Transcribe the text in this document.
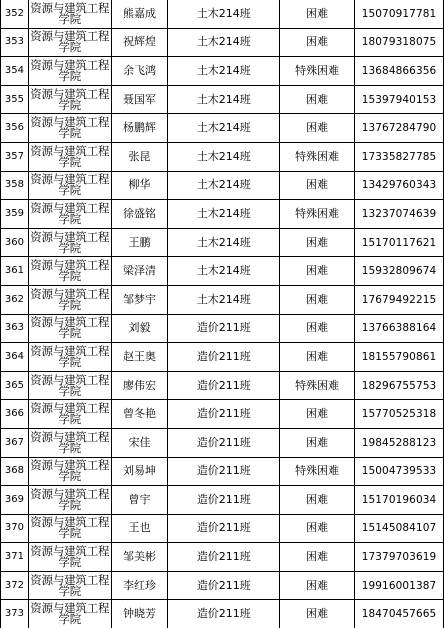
352	资源与建筑工程学院	熊嘉成	土木214班	困难	15070917781
353	资源与建筑工程学院	祝辉煌	土木214班	困难	18079318075
354	资源与建筑工程学院	余飞鸿	土木214班	特殊困难	13684866356
355	资源与建筑工程学院	聂国军	土木214班	困难	15397940153
356	资源与建筑工程学院	杨鹏辉	土木214班	困难	13767284790
357	资源与建筑工程学院	张昆	土木214班	特殊困难	17335827785
358	资源与建筑工程学院	柳华	土木214班	困难	13429760343
359	资源与建筑工程学院	徐盛铭	土木214班	特殊困难	13237074639
360	资源与建筑工程学院	王鹏	土木214班	困难	15170117621
361	资源与建筑工程学院	梁泽清	土木214班	困难	15932809674
362	资源与建筑工程学院	邹梦宇	土木214班	困难	17679492215
363	资源与建筑工程学院	刘毅	造价211班	困难	13766388164
364	资源与建筑工程学院	赵王奥	造价211班	困难	18155790861
365	资源与建筑工程学院	廖伟宏	造价211班	特殊困难	18296755753
366	资源与建筑工程学院	曾冬艳	造价211班	困难	15770525318
367	资源与建筑工程学院	宋佳	造价211班	困难	19845288123
368	资源与建筑工程学院	刘易坤	造价211班	特殊困难	15004739533
369	资源与建筑工程学院	曾宇	造价211班	困难	15170196034
370	资源与建筑工程学院	王也	造价211班	困难	15145084107
371	资源与建筑工程学院	邹美彬	造价211班	困难	17379703619
372	资源与建筑工程学院	李红珍	造价211班	困难	19916001387
373	资源与建筑工程学院	钟晓芳	造价211班	困难	18470457665
